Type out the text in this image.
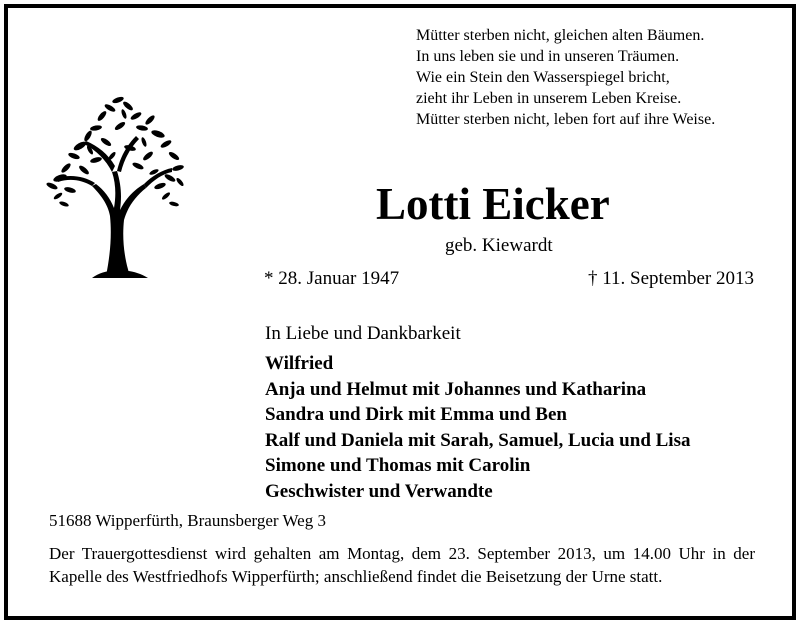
Mütter sterben nicht, gleichen alten Bäumen.
In uns leben sie und in unseren Träumen.
Wie ein Stein den Wasserspiegel bricht,
zieht ihr Leben in unserem Leben Kreise.
Mütter sterben nicht, leben fort auf ihre Weise.
Lotti Eicker
geb. Kiewardt
* 28. Januar 1947	† 11. September 2013
In Liebe und Dankbarkeit
Wilfried
Anja und Helmut mit Johannes und Katharina
Sandra und Dirk mit Emma und Ben
Ralf und Daniela mit Sarah, Samuel, Lucia und Lisa
Simone und Thomas mit Carolin
Geschwister und Verwandte
51688 Wipperfürth, Braunsberger Weg 3

Der Trauergottesdienst wird gehalten am Montag, dem 23. September 2013, um 14.00 Uhr in der Kapelle des Westfriedhofs Wipperfürth; anschließend findet die Beisetzung der Urne statt.
